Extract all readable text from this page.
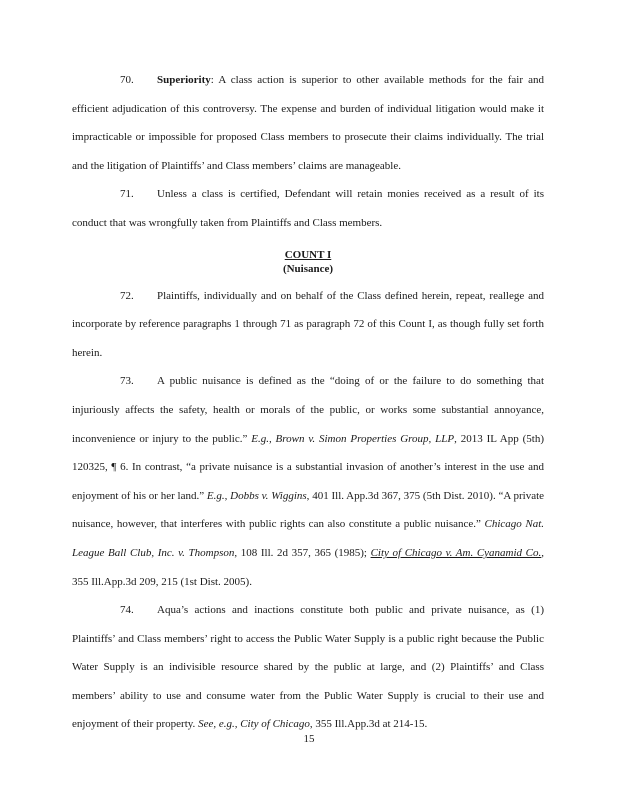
70. Superiority: A class action is superior to other available methods for the fair and efficient adjudication of this controversy. The expense and burden of individual litigation would make it impracticable or impossible for proposed Class members to prosecute their claims individually. The trial and the litigation of Plaintiffs’ and Class members’ claims are manageable.

71. Unless a class is certified, Defendant will retain monies received as a result of its conduct that was wrongfully taken from Plaintiffs and Class members.

COUNT I
(Nuisance)

72. Plaintiffs, individually and on behalf of the Class defined herein, repeat, reallege and incorporate by reference paragraphs 1 through 71 as paragraph 72 of this Count I, as though fully set forth herein.

73. A public nuisance is defined as the “doing of or the failure to do something that injuriously affects the safety, health or morals of the public, or works some substantial annoyance, inconvenience or injury to the public.” E.g., Brown v. Simon Properties Group, LLP, 2013 IL App (5th) 120325, ¶ 6. In contrast, “a private nuisance is a substantial invasion of another’s interest in the use and enjoyment of his or her land.” E.g., Dobbs v. Wiggins, 401 Ill. App.3d 367, 375 (5th Dist. 2010). “A private nuisance, however, that interferes with public rights can also constitute a public nuisance.” Chicago Nat. League Ball Club, Inc. v. Thompson, 108 Ill. 2d 357, 365 (1985); City of Chicago v. Am. Cyanamid Co., 355 Ill.App.3d 209, 215 (1st Dist. 2005).

74. Aqua’s actions and inactions constitute both public and private nuisance, as (1) Plaintiffs’ and Class members’ right to access the Public Water Supply is a public right because the Public Water Supply is an indivisible resource shared by the public at large, and (2) Plaintiffs’ and Class members’ ability to use and consume water from the Public Water Supply is crucial to their use and enjoyment of their property. See, e.g., City of Chicago, 355 Ill.App.3d at 214-15.

15
